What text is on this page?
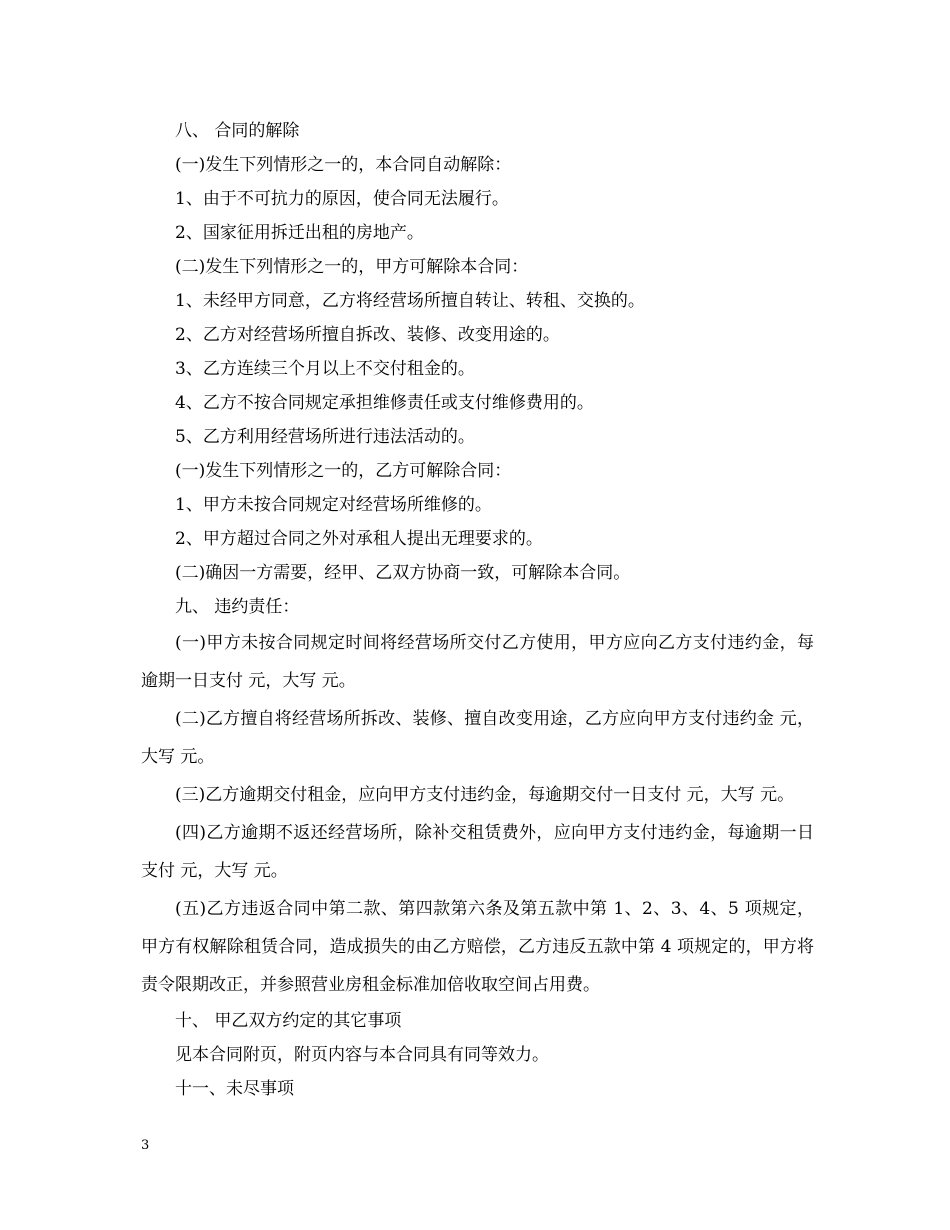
八、 合同的解除

(一)发生下列情形之一的，本合同自动解除：

1、由于不可抗力的原因，使合同无法履行。

2、国家征用拆迁出租的房地产。

(二)发生下列情形之一的，甲方可解除本合同：

1、未经甲方同意，乙方将经营场所擅自转让、转租、交换的。

2、乙方对经营场所擅自拆改、装修、改变用途的。

3、乙方连续三个月以上不交付租金的。

4、乙方不按合同规定承担维修责任或支付维修费用的。

5、乙方利用经营场所进行违法活动的。

(一)发生下列情形之一的，乙方可解除合同：

1、甲方未按合同规定对经营场所维修的。

2、甲方超过合同之外对承租人提出无理要求的。

(二)确因一方需要，经甲、乙双方协商一致，可解除本合同。

九、 违约责任：

(一)甲方未按合同规定时间将经营场所交付乙方使用，甲方应向乙方支付违约金，每逾期一日支付 元，大写 元。

(二)乙方擅自将经营场所拆改、装修、擅自改变用途，乙方应向甲方支付违约金 元，大写 元。

(三)乙方逾期交付租金，应向甲方支付违约金，每逾期交付一日支付 元，大写 元。

(四)乙方逾期不返还经营场所，除补交租赁费外，应向甲方支付违约金，每逾期一日支付 元，大写 元。

(五)乙方违返合同中第二款、第四款第六条及第五款中第 1、2、3、4、5 项规定，甲方有权解除租赁合同，造成损失的由乙方赔偿，乙方违反五款中第 4 项规定的，甲方将责令限期改正，并参照营业房租金标准加倍收取空间占用费。

十、 甲乙双方约定的其它事项

见本合同附页，附页内容与本合同具有同等效力。

十一、未尽事项

3
